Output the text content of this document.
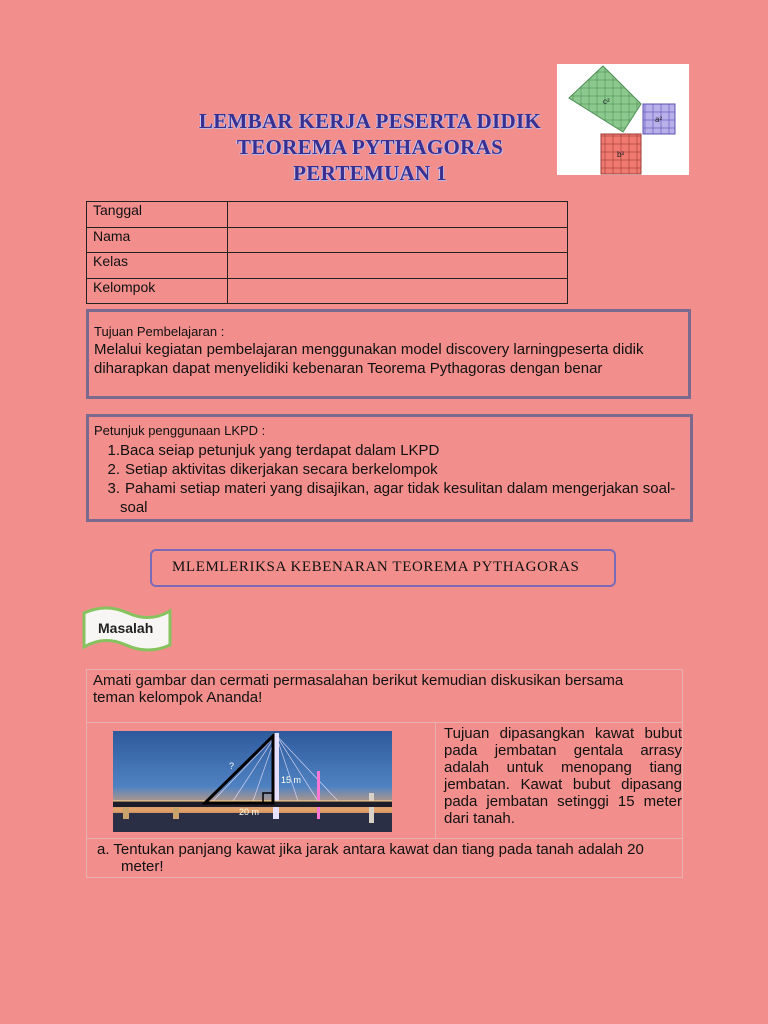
LEMBAR KERJA PESERTA DIDIK
TEOREMA PYTHAGORAS
PERTEMUAN 1
c²
a²
b²
Tanggal	
Nama	
Kelas	
Kelompok	
Tujuan Pembelajaran :
Melalui kegiatan pembelajaran menggunakan model discovery larningpeserta didik diharapkan dapat menyelidiki kebenaran Teorema Pythagoras dengan benar
Petunjuk penggunaan LKPD :
1.Baca seiap petunjuk yang terdapat dalam LKPD
2. Setiap aktivitas dikerjakan secara berkelompok
3. Pahami setiap materi yang disajikan, agar tidak kesulitan dalam mengerjakan soal-
soal
MLEMLERIKSA KEBENARAN TEOREMA PYTHAGORAS
Masalah
Amati gambar dan cermati permasalahan berikut kemudian diskusikan bersama
teman kelompok Ananda!

?
15 m
20 m
	Tujuan dipasangkan kawat bubut pada jembatan gentala arrasy adalah untuk menopang tiang jembatan. Kawat bubut dipasang pada jembatan setinggi 15 meter dari tanah.

a. Tentukan panjang kawat jika jarak antara kawat dan tiang pada tanah adalah 20
meter!
